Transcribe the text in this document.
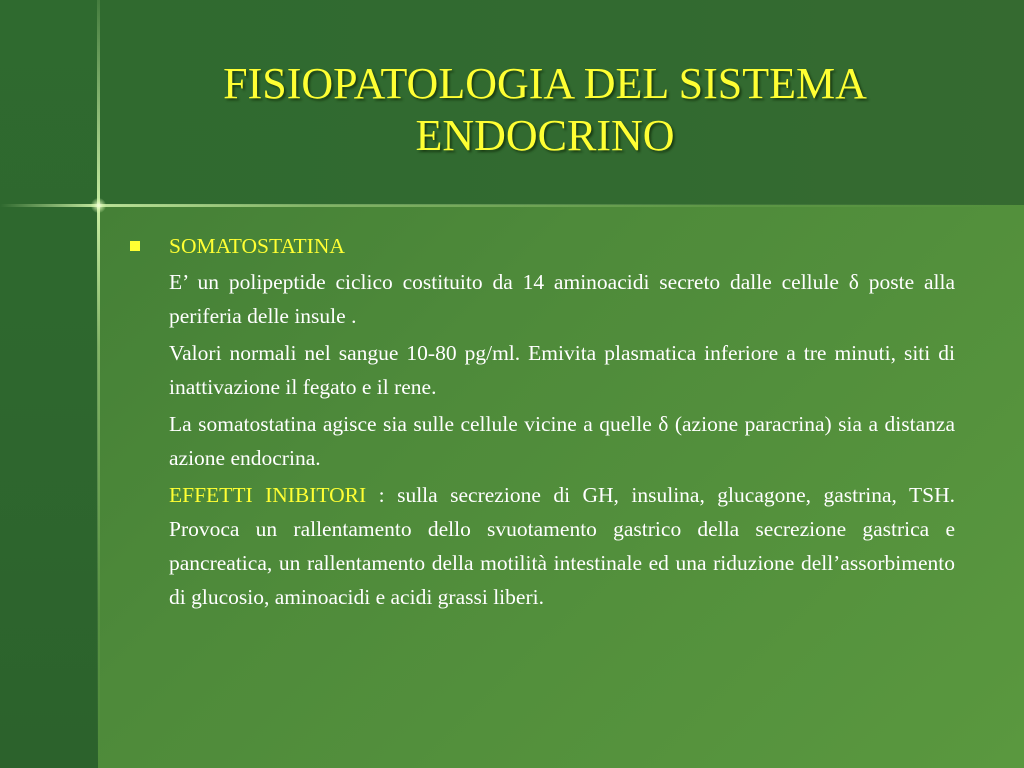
FISIOPATOLOGIA DEL SISTEMA
ENDOCRINO
SOMATOSTATINA
E’ un polipeptide ciclico costituito da 14 aminoacidi secreto dalle cellule δ poste alla periferia delle insule .
Valori normali nel sangue 10-80 pg/ml. Emivita plasmatica inferiore a tre minuti, siti di inattivazione il fegato e il rene.
La somatostatina agisce sia sulle cellule vicine a quelle δ (azione paracrina) sia a distanza azione endocrina.
EFFETTI INIBITORI : sulla secrezione di GH, insulina, glucagone, gastrina, TSH. Provoca un rallentamento dello svuotamento gastrico della secrezione gastrica e pancreatica, un rallentamento della motilità intestinale ed una riduzione dell’assorbimento di glucosio, aminoacidi e acidi grassi liberi.
